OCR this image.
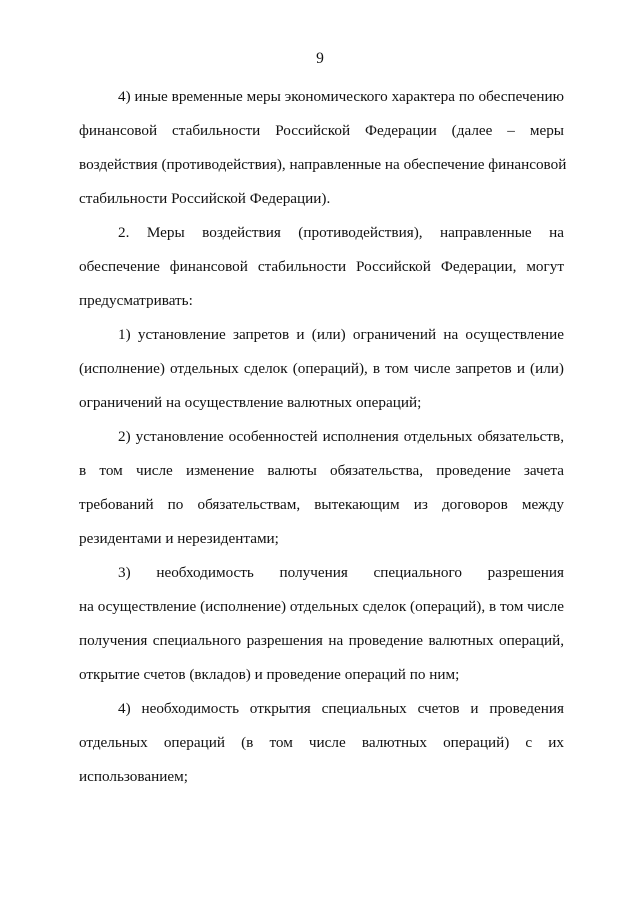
9
4) иные временные меры экономического характера по обеспечению
финансовой стабильности Российской Федерации (далее – меры
воздействия (противодействия), направленные на обеспечение финансовой
стабильности Российской Федерации).
2. Меры воздействия (противодействия), направленные на
обеспечение финансовой стабильности Российской Федерации, могут
предусматривать:
1) установление запретов и (или) ограничений на осуществление
(исполнение) отдельных сделок (операций), в том числе запретов и (или)
ограничений на осуществление валютных операций;
2) установление особенностей исполнения отдельных обязательств,
в том числе изменение валюты обязательства, проведение зачета
требований по обязательствам, вытекающим из договоров между
резидентами и нерезидентами;
3) необходимость получения специального разрешения
на осуществление (исполнение) отдельных сделок (операций), в том числе
получения специального разрешения на проведение валютных операций,
открытие счетов (вкладов) и проведение операций по ним;
4) необходимость открытия специальных счетов и проведения
отдельных операций (в том числе валютных операций) с их
использованием;
